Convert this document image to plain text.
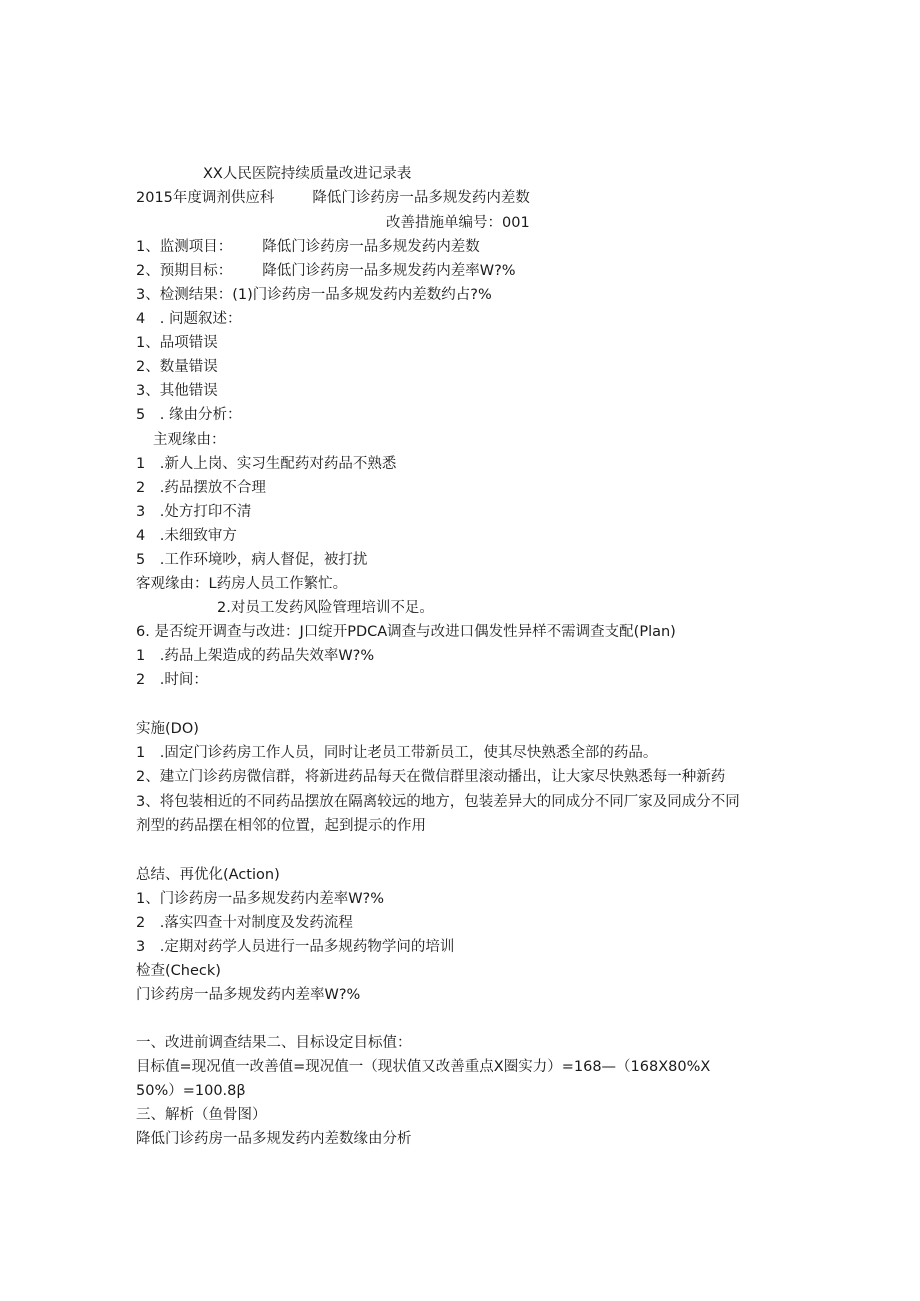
XX人民医院持续质量改进记录表

2015年度调剂供应科	降低门诊药房一品多规发药内差数

改善措施单编号：001

1、监测项目： 降低门诊药房一品多规发药内差数

2、预期目标： 降低门诊药房一品多规发药内差率W?%

3、检测结果：(1)门诊药房一品多规发药内差数约占?%

4　. 问题叙述：

1、品项错误

2、数量错误

3、其他错误

5　. 缘由分析：

主观缘由：

1　.新人上岗、实习生配药对药品不熟悉

2　.药品摆放不合理

3　.处方打印不清

4　.未细致审方

5　.工作环境吵，病人督促，被打扰

客观缘由：L药房人员工作繁忙。

2.对员工发药风险管理培训不足。

6. 是否绽开调查与改进：J口绽开PDCA调查与改进口偶发性异样不需调查支配(Plan)

1　.药品上架造成的药品失效率W?%

2　.时间：

实施(DO)

1　.固定门诊药房工作人员，同时让老员工带新员工，使其尽快熟悉全部的药品。

2、建立门诊药房微信群，将新进药品每天在微信群里滚动播出，让大家尽快熟悉每一种新药

3、将包装相近的不同药品摆放在隔离较远的地方，包装差异大的同成分不同厂家及同成分不同

剂型的药品摆在相邻的位置，起到提示的作用

总结、再优化(Action)

1、门诊药房一品多规发药内差率W?%

2　.落实四查十对制度及发药流程

3　.定期对药学人员进行一品多规药物学问的培训

检查(Check)

门诊药房一品多规发药内差率W?%

一、改进前调查结果二、目标设定目标值：

目标值=现况值一改善值=现况值一（现状值又改善重点X圈实力）=168—（168X80%X

50%）=100.8β

三、解析（鱼骨图）

降低门诊药房一品多规发药内差数缘由分析
